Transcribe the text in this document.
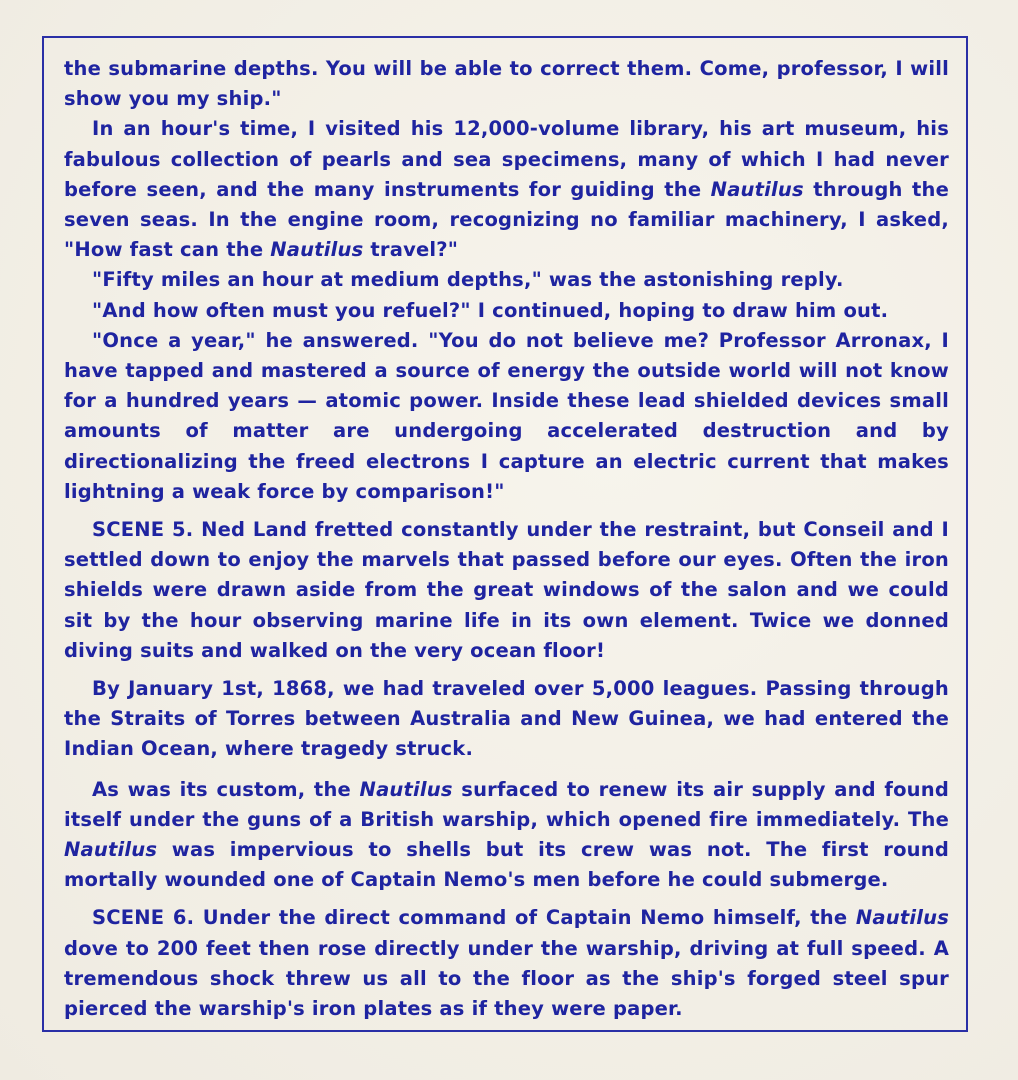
the submarine depths. You will be able to correct them. Come, professor, I will show you my ship."

In an hour's time, I visited his 12,000-volume library, his art museum, his fabulous collection of pearls and sea specimens, many of which I had never before seen, and the many instruments for guiding the Nautilus through the seven seas. In the engine room, recognizing no familiar machinery, I asked, "How fast can the Nautilus travel?"

"Fifty miles an hour at medium depths," was the astonishing reply.

"And how often must you refuel?" I continued, hoping to draw him out.

"Once a year," he answered. "You do not believe me? Professor Arronax, I have tapped and mastered a source of energy the outside world will not know for a hundred years — atomic power. Inside these lead shielded devices small amounts of matter are undergoing accelerated destruction and by directionalizing the freed electrons I capture an electric current that makes lightning a weak force by comparison!"

SCENE 5. Ned Land fretted constantly under the restraint, but Conseil and I settled down to enjoy the marvels that passed before our eyes. Often the iron shields were drawn aside from the great windows of the salon and we could sit by the hour observing marine life in its own element. Twice we donned diving suits and walked on the very ocean floor!

By January 1st, 1868, we had traveled over 5,000 leagues. Passing through the Straits of Torres between Australia and New Guinea, we had entered the Indian Ocean, where tragedy struck.

As was its custom, the Nautilus surfaced to renew its air supply and found itself under the guns of a British warship, which opened fire immediately. The Nautilus was impervious to shells but its crew was not. The first round mortally wounded one of Captain Nemo's men before he could submerge.

SCENE 6. Under the direct command of Captain Nemo himself, the Nautilus dove to 200 feet then rose directly under the warship, driving at full speed. A tremendous shock threw us all to the floor as the ship's forged steel spur pierced the warship's iron plates as if they were paper.
